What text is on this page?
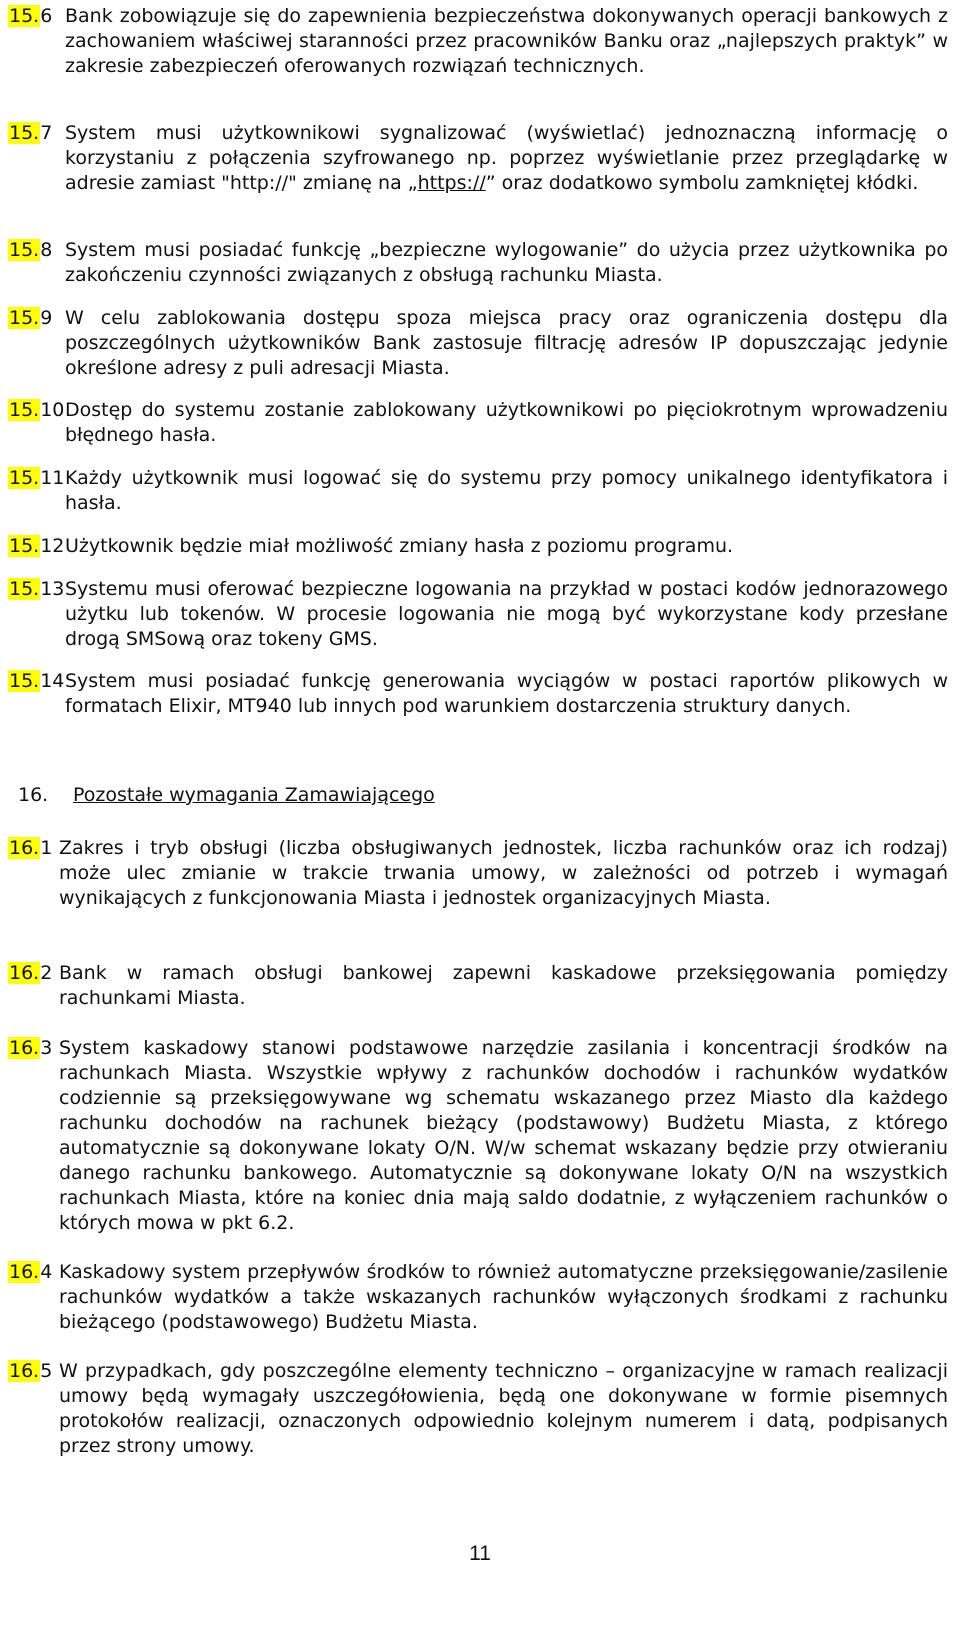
15.6 Bank zobowiązuje się do zapewnienia bezpieczeństwa dokonywanych operacji bankowych z zachowaniem właściwej staranności przez pracowników Banku oraz „najlepszych praktyk” w zakresie zabezpieczeń oferowanych rozwiązań technicznych.
15.7 System musi użytkownikowi sygnalizować (wyświetlać) jednoznaczną informację o korzystaniu z połączenia szyfrowanego np. poprzez wyświetlanie przez przeglądarkę w adresie zamiast "http://" zmianę na „https://” oraz dodatkowo symbolu zamkniętej kłódki.
15.8 System musi posiadać funkcję „bezpieczne wylogowanie” do użycia przez użytkownika po zakończeniu czynności związanych z obsługą rachunku Miasta.
15.9 W celu zablokowania dostępu spoza miejsca pracy oraz ograniczenia dostępu dla poszczególnych użytkowników Bank zastosuje filtrację adresów IP dopuszczając jedynie określone adresy z puli adresacji Miasta.
15.10 Dostęp do systemu zostanie zablokowany użytkownikowi po pięciokrotnym wprowadzeniu błędnego hasła.
15.11 Każdy użytkownik musi logować się do systemu przy pomocy unikalnego identyfikatora i hasła.
15.12 Użytkownik będzie miał możliwość zmiany hasła z poziomu programu.
15.13 Systemu musi oferować bezpieczne logowania na przykład w postaci kodów jednorazowego użytku lub tokenów. W procesie logowania nie mogą być wykorzystane kody przesłane drogą SMSową oraz tokeny GMS.
15.14 System musi posiadać funkcję generowania wyciągów w postaci raportów plikowych w formatach Elixir, MT940 lub innych pod warunkiem dostarczenia struktury danych.
16.	Pozostałe wymagania Zamawiającego
16.1 Zakres i tryb obsługi (liczba obsługiwanych jednostek, liczba rachunków oraz ich rodzaj) może ulec zmianie w trakcie trwania umowy, w zależności od potrzeb i wymagań wynikających z funkcjonowania Miasta i jednostek organizacyjnych Miasta.
16.2 Bank w ramach obsługi bankowej zapewni kaskadowe przeksięgowania pomiędzy rachunkami Miasta.
16.3 System kaskadowy stanowi podstawowe narzędzie zasilania i koncentracji środków na rachunkach Miasta. Wszystkie wpływy z rachunków dochodów i rachunków wydatków codziennie są przeksięgowywane wg schematu wskazanego przez Miasto dla każdego rachunku dochodów na rachunek bieżący (podstawowy) Budżetu Miasta, z którego automatycznie są dokonywane lokaty O/N. W/w schemat wskazany będzie przy otwieraniu danego rachunku bankowego. Automatycznie są dokonywane lokaty O/N na wszystkich rachunkach Miasta, które na koniec dnia mają saldo dodatnie, z wyłączeniem rachunków o których mowa w pkt 6.2.
16.4 Kaskadowy system przepływów środków to również automatyczne przeksięgowanie/zasilenie rachunków wydatków a także wskazanych rachunków wyłączonych środkami z rachunku bieżącego (podstawowego) Budżetu Miasta.
16.5 W przypadkach, gdy poszczególne elementy techniczno – organizacyjne w ramach realizacji umowy będą wymagały uszczegółowienia, będą one dokonywane w formie pisemnych protokołów realizacji, oznaczonych odpowiednio kolejnym numerem i datą, podpisanych przez strony umowy.
11
